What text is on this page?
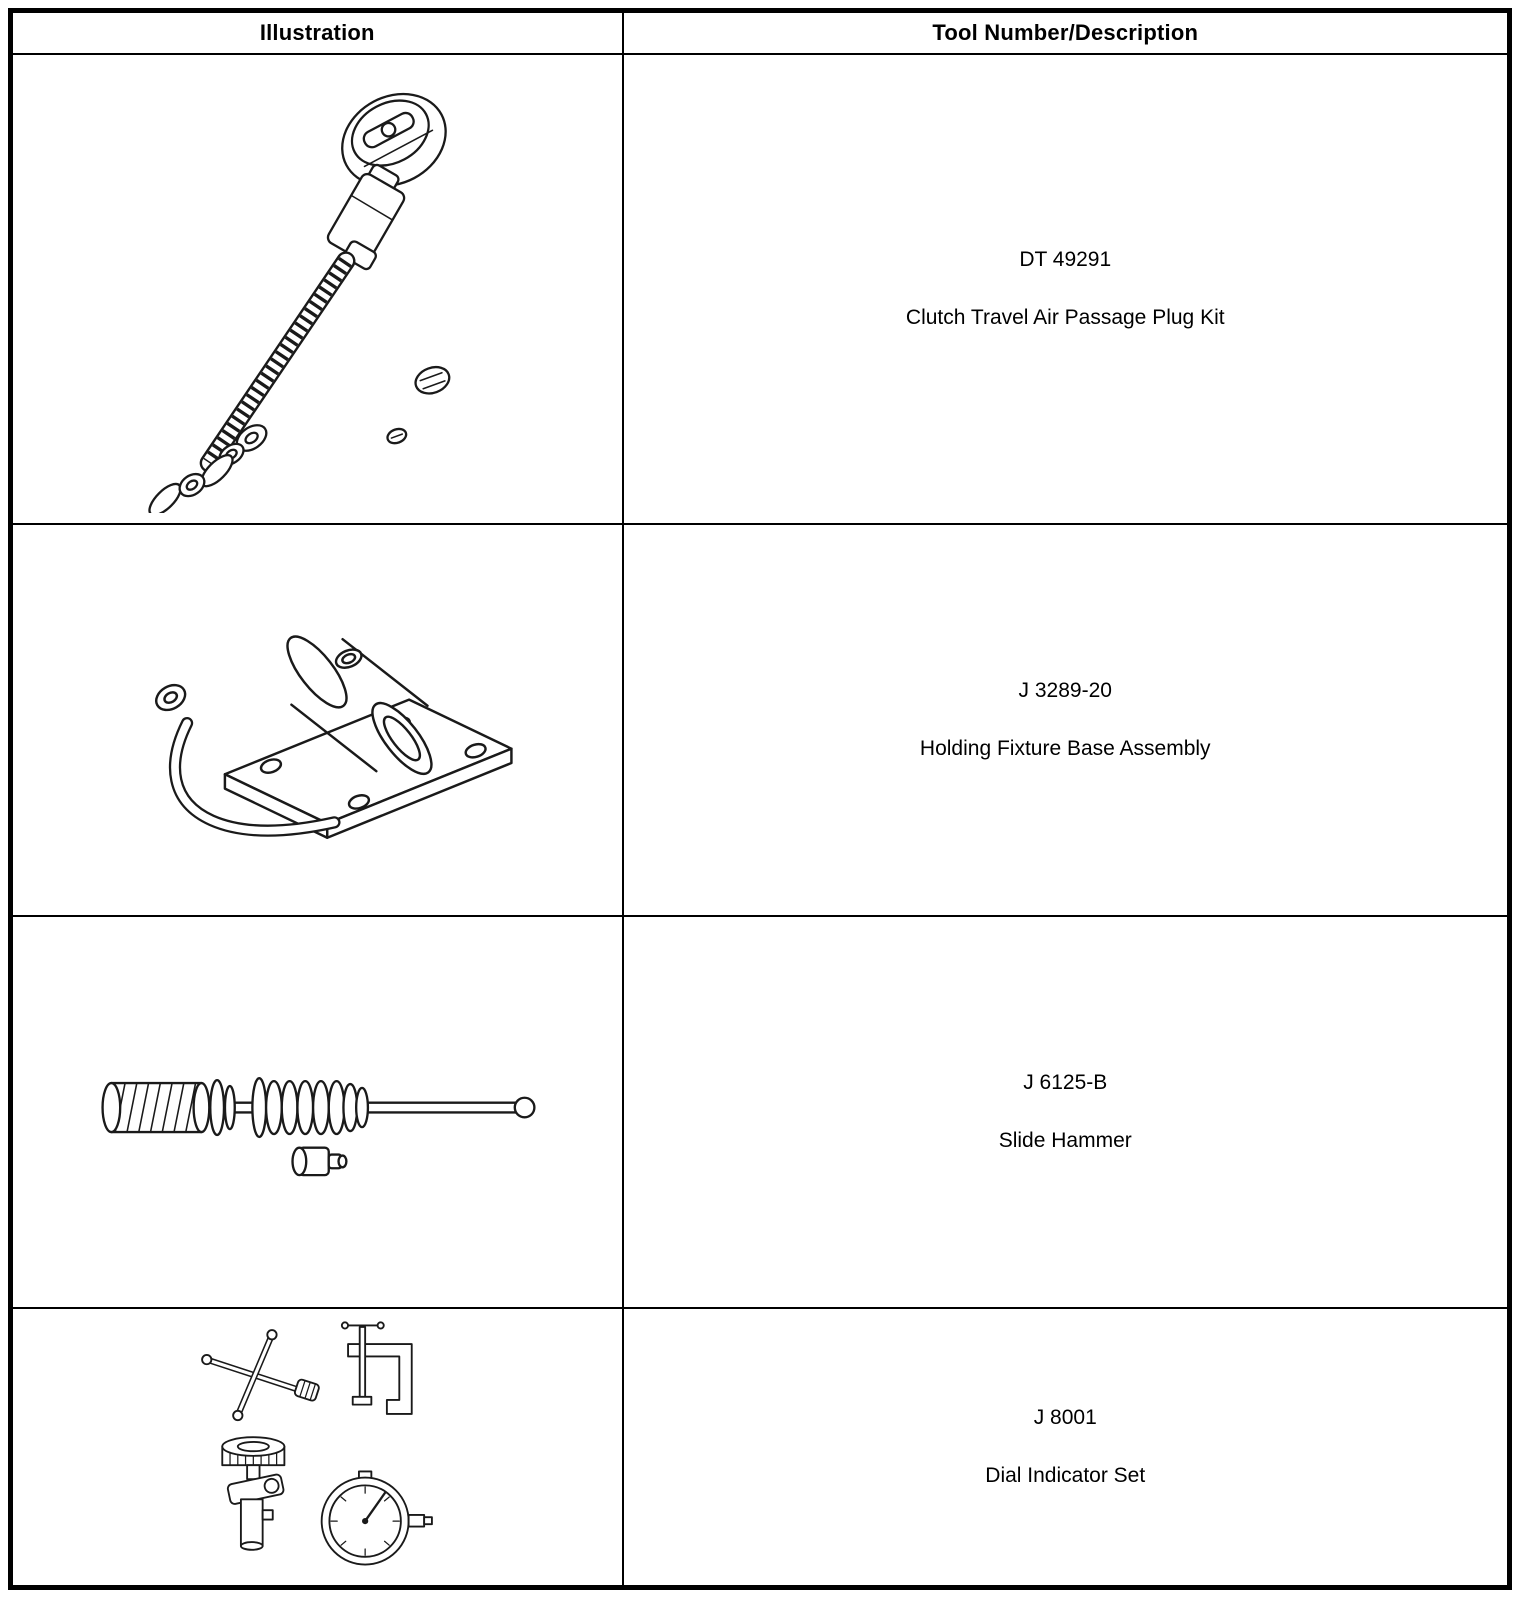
Illustration	Tool Number/Description

DT 49291
Clutch Travel Air Passage Plug Kit

J 3289-20
Holding Fixture Base Assembly

J 6125-B
Slide Hammer

J 8001
Dial Indicator Set
